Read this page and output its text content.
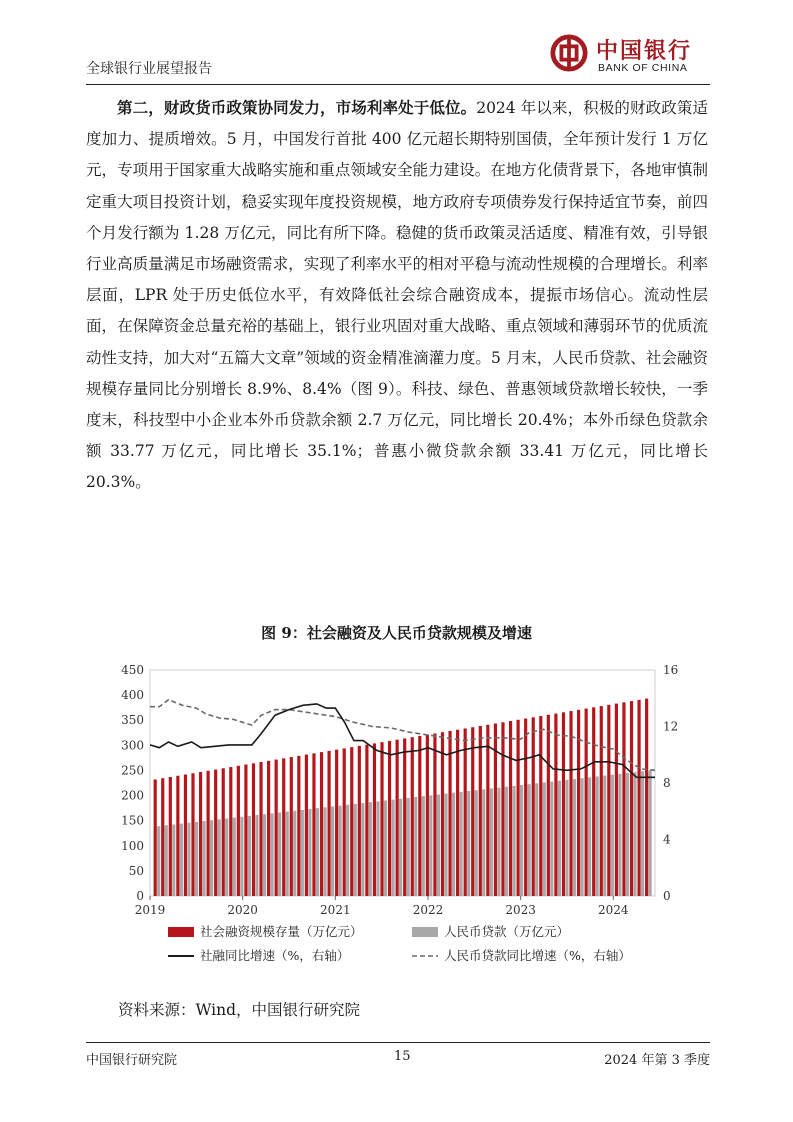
全球银行业展望报告
中国银行
BANK OF CHINA
第二，财政货币政策协同发力，市场利率处于低位。2024 年以来，积极的财政政策适度加力、提质增效。5 月，中国发行首批 400 亿元超长期特别国债，全年预计发行 1 万亿元，专项用于国家重大战略实施和重点领域安全能力建设。在地方化债背景下，各地审慎制定重大项目投资计划，稳妥实现年度投资规模，地方政府专项债券发行保持适宜节奏，前四个月发行额为 1.28 万亿元，同比有所下降。稳健的货币政策灵活适度、精准有效，引导银行业高质量满足市场融资需求，实现了利率水平的相对平稳与流动性规模的合理增长。利率层面，LPR 处于历史低位水平，有效降低社会综合融资成本，提振市场信心。流动性层面，在保障资金总量充裕的基础上，银行业巩固对重大战略、重点领域和薄弱环节的优质流动性支持，加大对“五篇大文章”领域的资金精准滴灌力度。5 月末，人民币贷款、社会融资规模存量同比分别增长 8.9%、8.4%（图 9）。科技、绿色、普惠领域贷款增长较快，一季度末，科技型中小企业本外币贷款余额 2.7 万亿元，同比增长 20.4%；本外币绿色贷款余额 33.77 万亿元，同比增长 35.1%；普惠小微贷款余额 33.41 万亿元，同比增长 20.3%。
图 9：社会融资及人民币贷款规模及增速
0
50
100
150
200
250
300
350
400
450
0
4
8
12
16
2019	2020	2021	2022	2023	2024
社会融资规模存量（万亿元）	人民币贷款（万亿元）
社融同比增速（%，右轴）	人民币贷款同比增速（%，右轴）
资料来源：Wind，中国银行研究院
中国银行研究院	15	2024 年第 3 季度
